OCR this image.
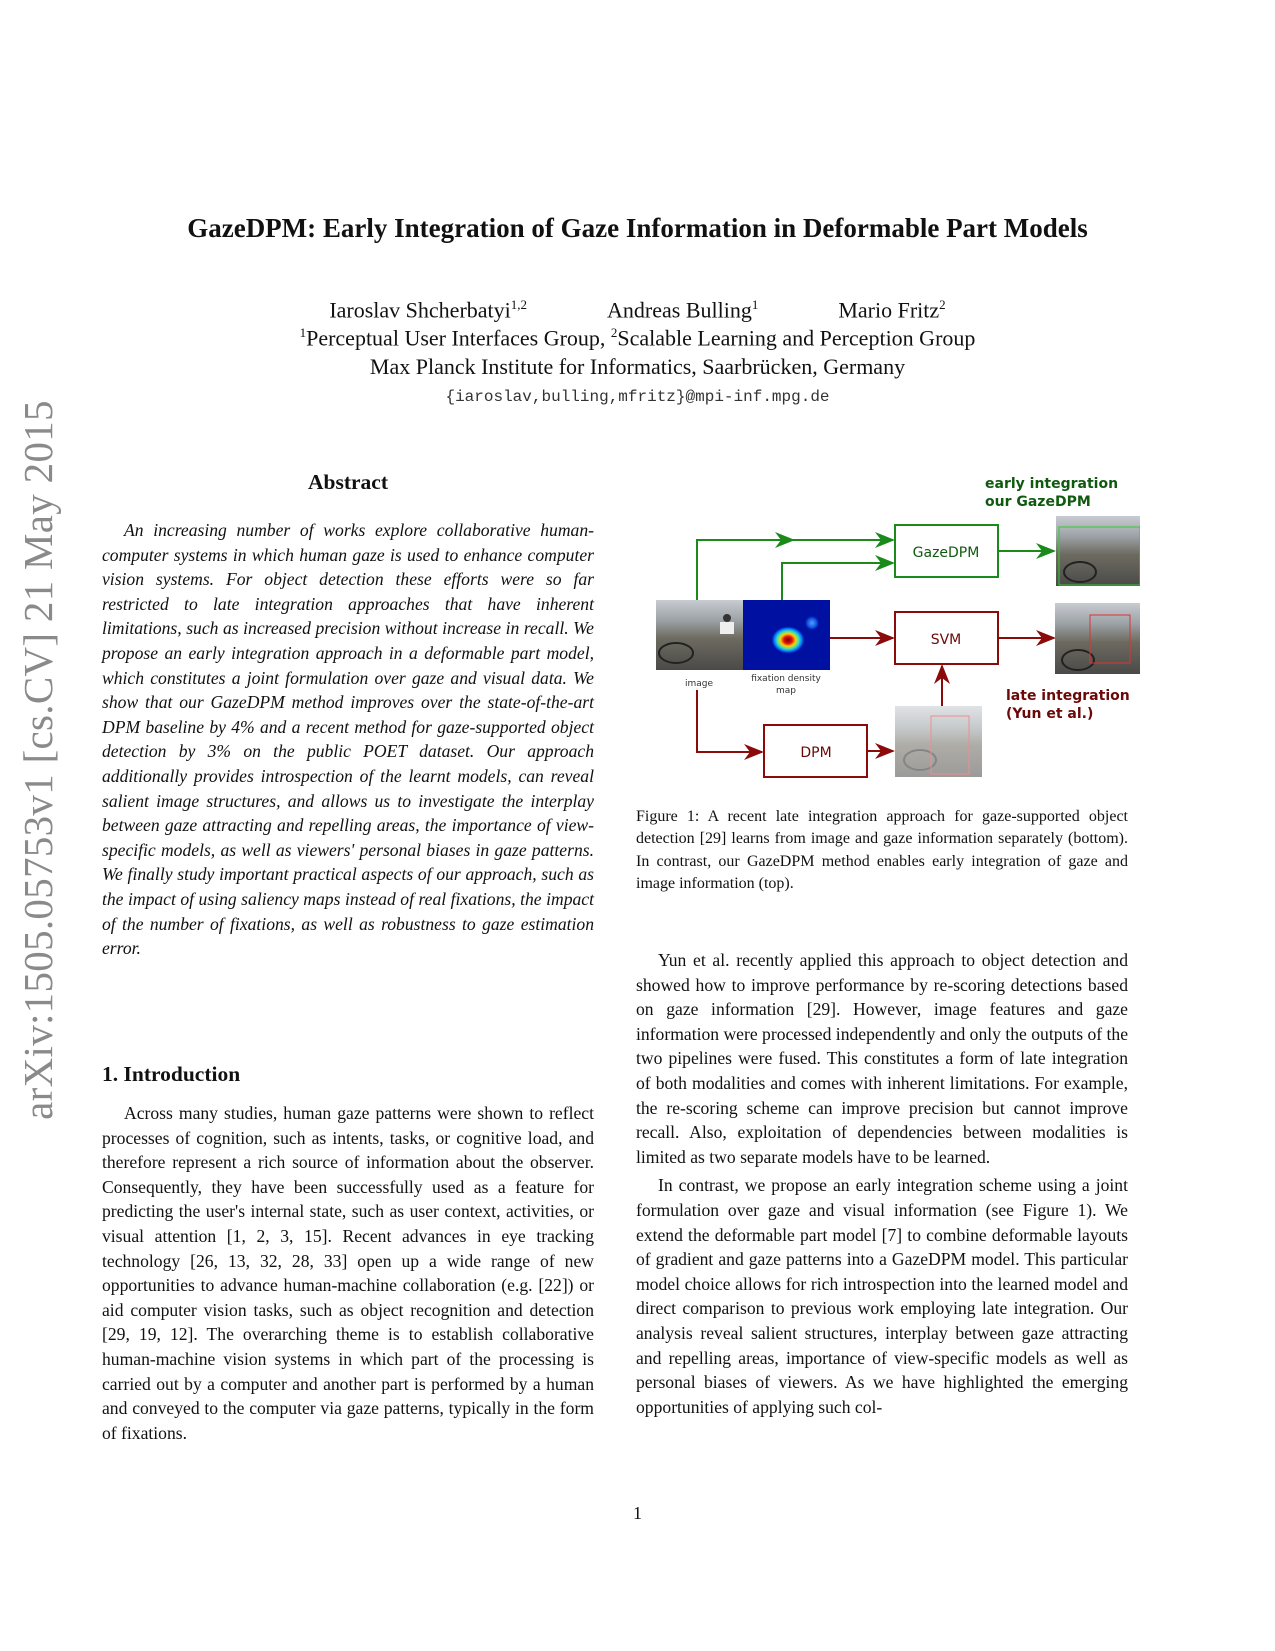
arXiv:1505.05753v1 [cs.CV] 21 May 2015
GazeDPM: Early Integration of Gaze Information in Deformable Part Models
Iaroslav Shcherbatyi$^{1,2}$	Andreas Bulling$^1$	Mario Fritz$^2$
$^1$Perceptual User Interfaces Group, $^2$Scalable Learning and Perception Group
Max Planck Institute for Informatics, Saarbrücken, Germany
{iaroslav,bulling,mfritz}@mpi-inf.mpg.de
Abstract

An increasing number of works explore collaborative human-computer systems in which human gaze is used to enhance computer vision systems. For object detection these efforts were so far restricted to late integration approaches that have inherent limitations, such as increased precision without increase in recall. We propose an early integration approach in a deformable part model, which constitutes a joint formulation over gaze and visual data. We show that our GazeDPM method improves over the state-of-the-art DPM baseline by 4% and a recent method for gaze-supported object detection by 3% on the public POET dataset. Our approach additionally provides introspection of the learnt models, can reveal salient image structures, and allows us to investigate the interplay between gaze attracting and repelling areas, the importance of view-specific models, as well as viewers' personal biases in gaze patterns. We finally study important practical aspects of our approach, such as the impact of using saliency maps instead of real fixations, the impact of the number of fixations, as well as robustness to gaze estimation error.

1. Introduction

Across many studies, human gaze patterns were shown to reflect processes of cognition, such as intents, tasks, or cognitive load, and therefore represent a rich source of information about the observer. Consequently, they have been successfully used as a feature for predicting the user's internal state, such as user context, activities, or visual attention [1, 2, 3, 15]. Recent advances in eye tracking technology [26, 13, 32, 28, 33] open up a wide range of new opportunities to advance human-machine collaboration (e.g. [22]) or aid computer vision tasks, such as object recognition and detection [29, 19, 12]. The overarching theme is to establish collaborative human-machine vision systems in which part of the processing is carried out by a computer and another part is performed by a human and conveyed to the computer via gaze patterns, typically in the form of fixations.

early integration
our GazeDPM
GazeDPM
image	fixation density
map
SVM
late integration
(Yun et al.)
DPM
Figure 1: A recent late integration approach for gaze-supported object detection [29] learns from image and gaze information separately (bottom). In contrast, our GazeDPM method enables early integration of gaze and image information (top).

Yun et al. recently applied this approach to object detection and showed how to improve performance by re-scoring detections based on gaze information [29]. However, image features and gaze information were processed independently and only the outputs of the two pipelines were fused. This constitutes a form of late integration of both modalities and comes with inherent limitations. For example, the re-scoring scheme can improve precision but cannot improve recall. Also, exploitation of dependencies between modalities is limited as two separate models have to be learned.

In contrast, we propose an early integration scheme using a joint formulation over gaze and visual information (see Figure 1). We extend the deformable part model [7] to combine deformable layouts of gradient and gaze patterns into a GazeDPM model. This particular model choice allows for rich introspection into the learned model and direct comparison to previous work employing late integration. Our analysis reveal salient structures, interplay between gaze attracting and repelling areas, importance of view-specific models as well as personal biases of viewers. As we have highlighted the emerging opportunities of applying such col-

1
